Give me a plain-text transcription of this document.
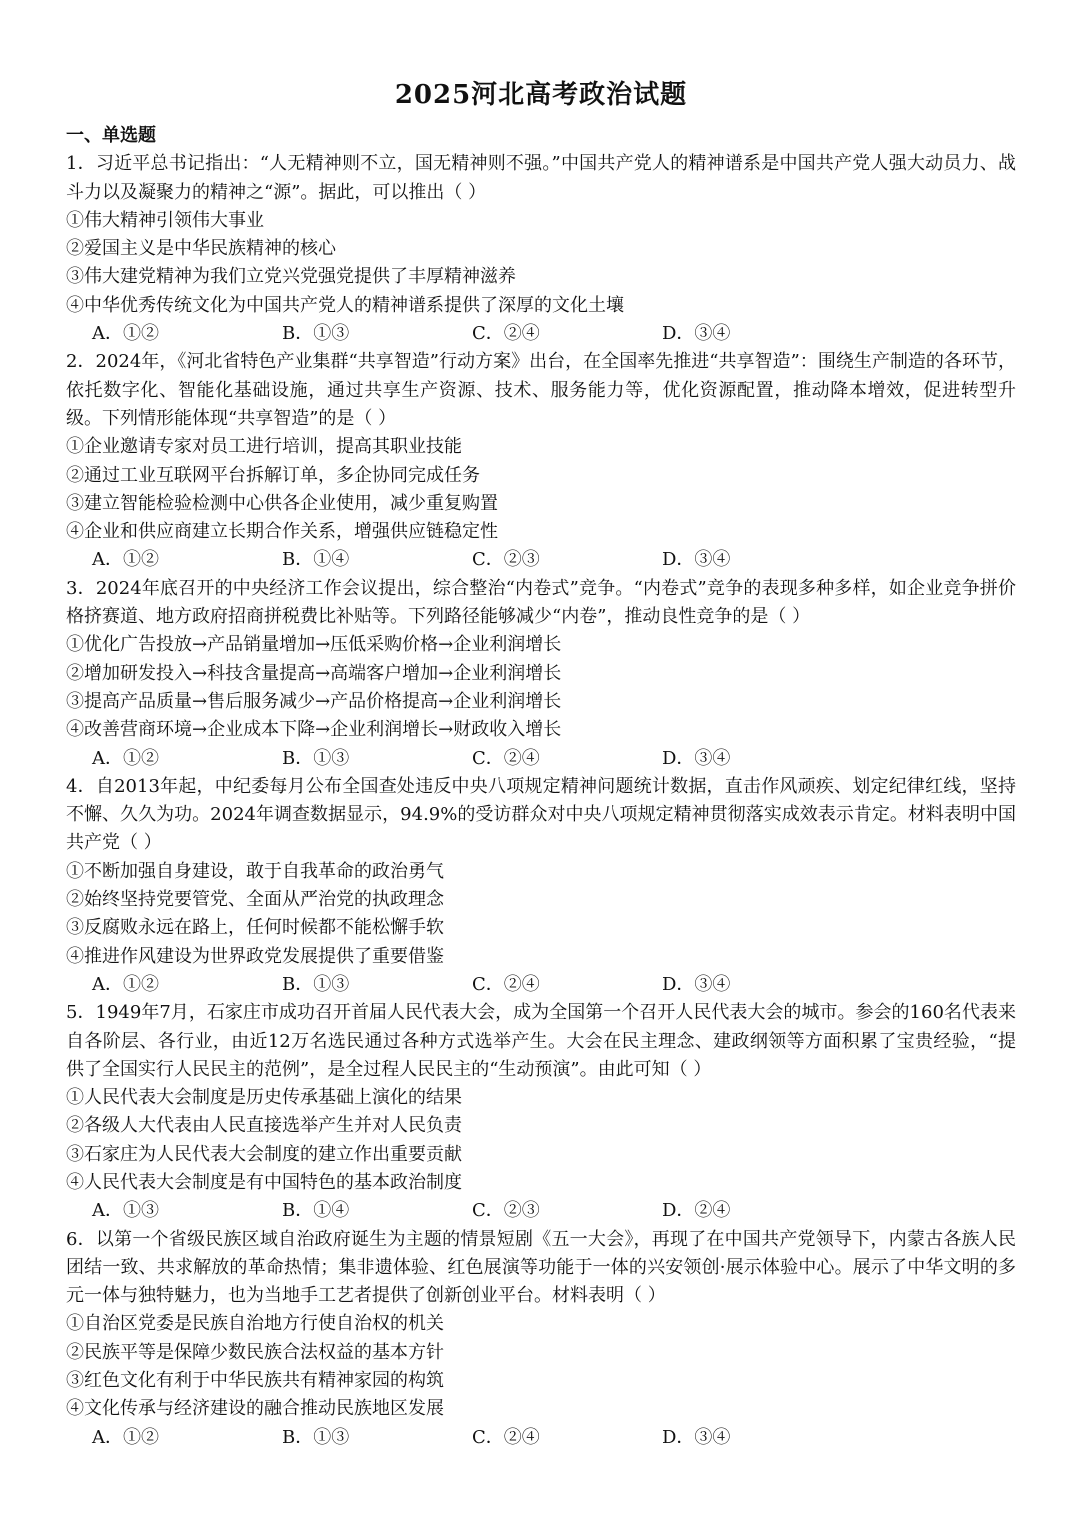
2025河北高考政治试题
一、单选题
1．习近平总书记指出：“人无精神则不立，国无精神则不强。”中国共产党人的精神谱系是中国共产党人强大动员力、战斗力以及凝聚力的精神之“源”。据此，可以推出（ ）
①伟大精神引领伟大事业
②爱国主义是中华民族精神的核心
③伟大建党精神为我们立党兴党强党提供了丰厚精神滋养
④中华优秀传统文化为中国共产党人的精神谱系提供了深厚的文化土壤
A．①②	B．①③	C．②④	D．③④
2．2024年，《河北省特色产业集群“共享智造”行动方案》出台，在全国率先推进“共享智造”：围绕生产制造的各环节，依托数字化、智能化基础设施，通过共享生产资源、技术、服务能力等，优化资源配置，推动降本增效，促进转型升级。下列情形能体现“共享智造”的是（ ）
①企业邀请专家对员工进行培训，提高其职业技能
②通过工业互联网平台拆解订单，多企协同完成任务
③建立智能检验检测中心供各企业使用，减少重复购置
④企业和供应商建立长期合作关系，增强供应链稳定性
A．①②	B．①④	C．②③	D．③④
3．2024年底召开的中央经济工作会议提出，综合整治“内卷式”竞争。“内卷式”竞争的表现多种多样，如企业竞争拼价格挤赛道、地方政府招商拼税费比补贴等。下列路径能够减少“内卷”，推动良性竞争的是（ ）
①优化广告投放→产品销量增加→压低采购价格→企业利润增长
②增加研发投入→科技含量提高→高端客户增加→企业利润增长
③提高产品质量→售后服务减少→产品价格提高→企业利润增长
④改善营商环境→企业成本下降→企业利润增长→财政收入增长
A．①②	B．①③	C．②④	D．③④
4．自2013年起，中纪委每月公布全国查处违反中央八项规定精神问题统计数据，直击作风顽疾、划定纪律红线，坚持不懈、久久为功。2024年调查数据显示，94.9%的受访群众对中央八项规定精神贯彻落实成效表示肯定。材料表明中国共产党（ ）
①不断加强自身建设，敢于自我革命的政治勇气
②始终坚持党要管党、全面从严治党的执政理念
③反腐败永远在路上，任何时候都不能松懈手软
④推进作风建设为世界政党发展提供了重要借鉴
A．①②	B．①③	C．②④	D．③④
5．1949年7月，石家庄市成功召开首届人民代表大会，成为全国第一个召开人民代表大会的城市。参会的160名代表来自各阶层、各行业，由近12万名选民通过各种方式选举产生。大会在民主理念、建政纲领等方面积累了宝贵经验，“提供了全国实行人民民主的范例”，是全过程人民民主的“生动预演”。由此可知（ ）
①人民代表大会制度是历史传承基础上演化的结果
②各级人大代表由人民直接选举产生并对人民负责
③石家庄为人民代表大会制度的建立作出重要贡献
④人民代表大会制度是有中国特色的基本政治制度
A．①③	B．①④	C．②③	D．②④
6．以第一个省级民族区域自治政府诞生为主题的情景短剧《五一大会》，再现了在中国共产党领导下，内蒙古各族人民团结一致、共求解放的革命热情；集非遗体验、红色展演等功能于一体的兴安领创·展示体验中心。展示了中华文明的多元一体与独特魅力，也为当地手工艺者提供了创新创业平台。材料表明（ ）
①自治区党委是民族自治地方行使自治权的机关
②民族平等是保障少数民族合法权益的基本方针
③红色文化有利于中华民族共有精神家园的构筑
④文化传承与经济建设的融合推动民族地区发展
A．①②	B．①③	C．②④	D．③④
